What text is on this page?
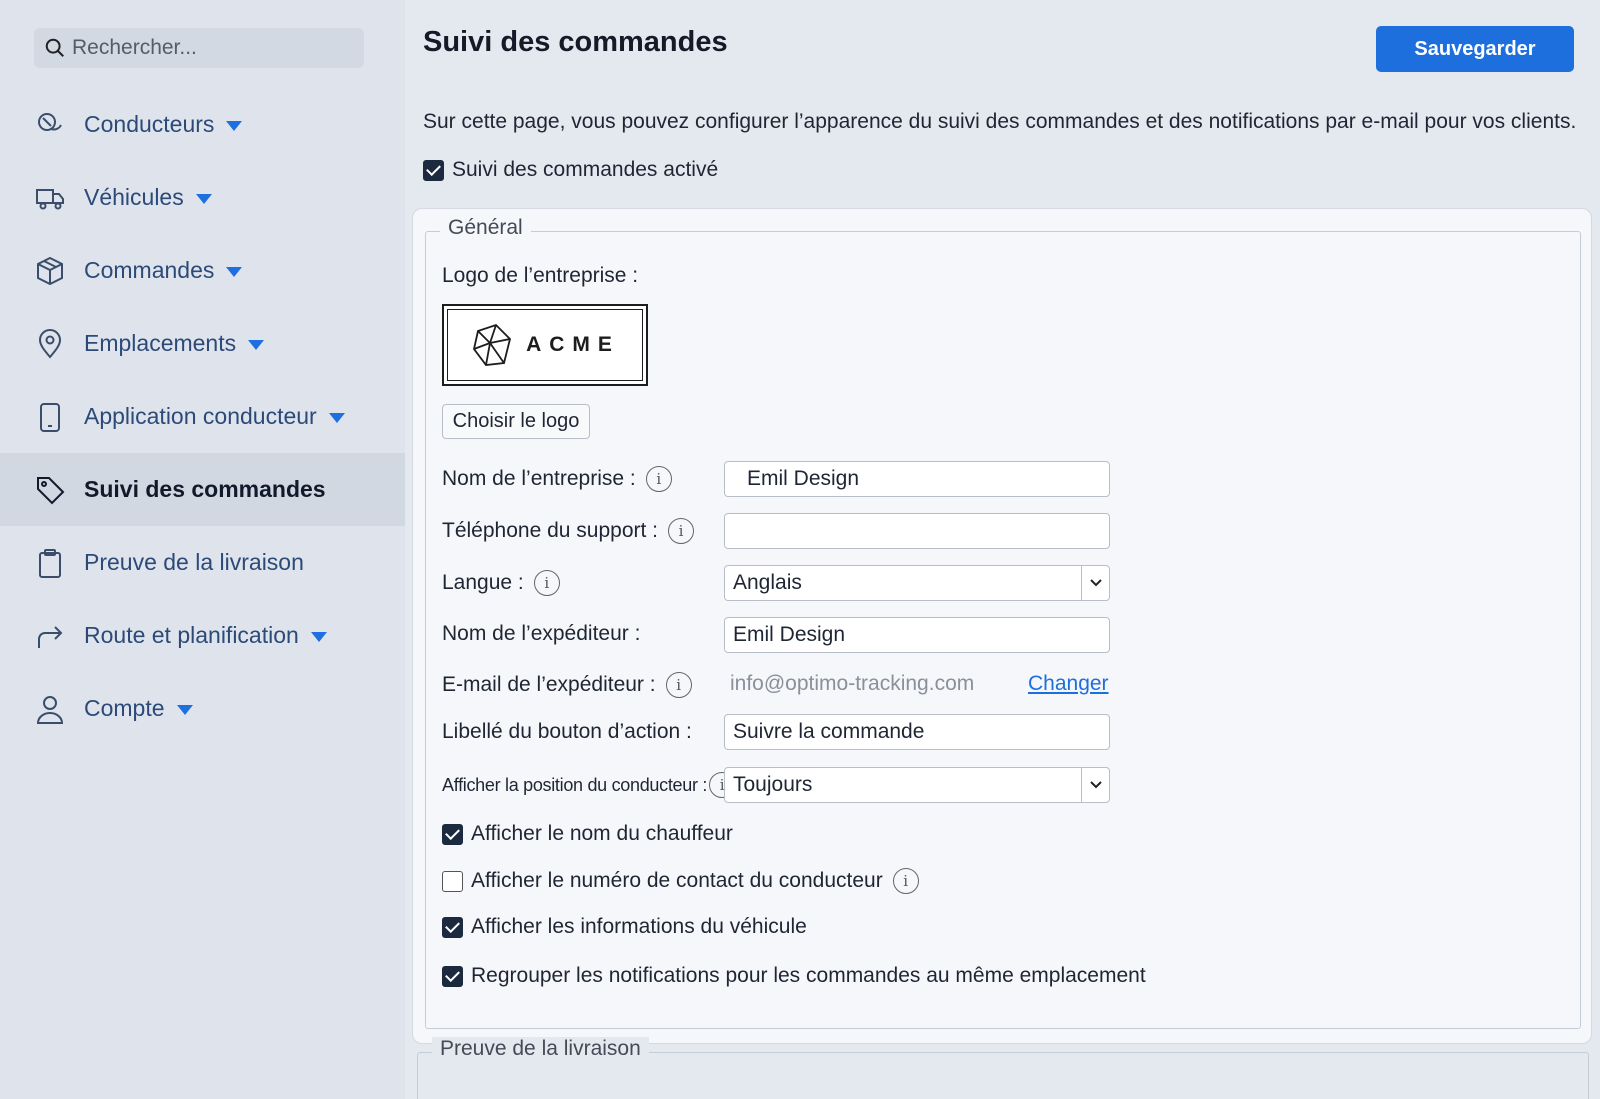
Rechercher...
Conducteurs
Véhicules
Commandes
Emplacements
Application conducteur
Suivi des commandes
Preuve de la livraison
Route et planification
Compte
Suivi des commandes	Sauvegarder
Sur cette page, vous pouvez configurer l’apparence du suivi des commandes et des notifications par e-mail pour vos clients.
Suivi des commandes activé
Général
Logo de l’entreprise :
ACME
Choisir le logo
Nom de l’entreprise :	i
Emil Design
Téléphone du support :	i
Langue :	i	Anglais
Nom de l’expéditeur :
Emil Design
E-mail de l’expéditeur :	i	info@optimo-tracking.com	Changer
Libellé du bouton d’action :
Suivre la commande
Afficher la position du conducteur : i Toujours
Afficher le nom du chauffeur
Afficher le numéro de contact du conducteur	i
Afficher les informations du véhicule
Regrouper les notifications pour les commandes au même emplacement
Preuve de la livraison
